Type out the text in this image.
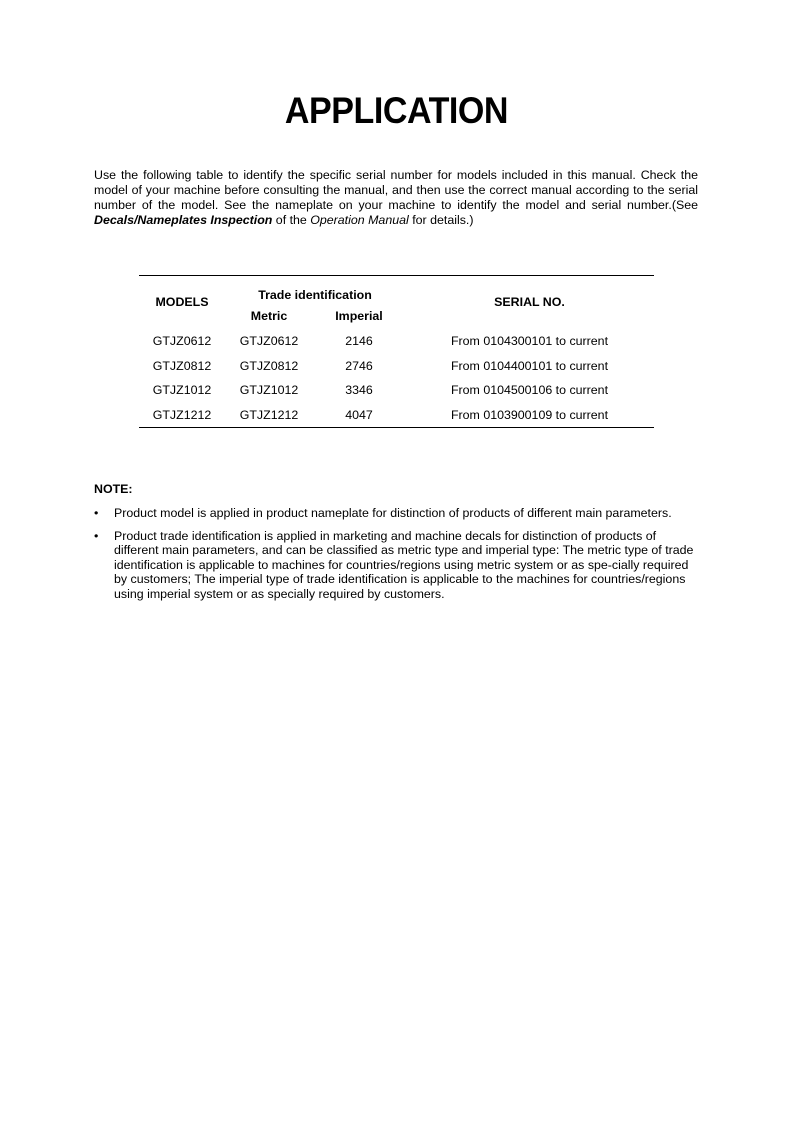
APPLICATION

Use the following table to identify the specific serial number for models included in this manual. Check the model of your machine before consulting the manual, and then use the correct manual according to the serial number of the model. See the nameplate on your machine to identify the model and serial number.(See Decals/Nameplates Inspection of the Operation Manual for details.)

MODELS	Trade identification		SERIAL NO.
	Metric	Imperial	
GTJZ0612	GTJZ0612	2146	From 0104300101 to current
GTJZ0812	GTJZ0812	2746	From 0104400101 to current
GTJZ1012	GTJZ1012	3346	From 0104500106 to current
GTJZ1212	GTJZ1212	4047	From 0103900109 to current

NOTE:

• Product model is applied in product nameplate for distinction of products of different main parameters.
• Product trade identification is applied in marketing and machine decals for distinction of products of different main parameters, and can be classified as metric type and imperial type: The metric type of trade identification is applicable to machines for countries/regions using metric system or as spe-cially required by customers; The imperial type of trade identification is applicable to the machines for countries/regions using imperial system or as specially required by customers.
